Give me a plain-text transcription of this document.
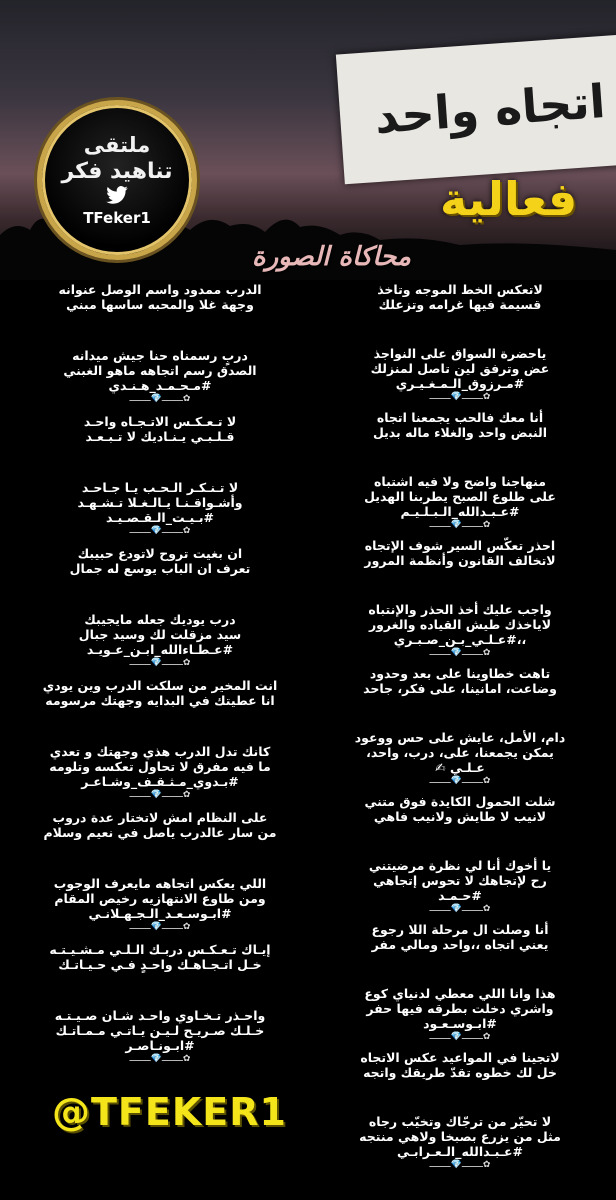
اتجاه واحد
ملتقى
تناهيد فكر
TFeker1	فعالية
محاكاة الصورة
الدرب ممدود واسم الوصل عنوانه
وجهة غلا والمحبه ساسها مبني
دربٍ رسمناه حنا جيش ميدانه
الصدق رسم اتجاهه ماهو الغبني
#مـحـمـد_هـنـدي
✿ــــــــ💎ــــــــ
لا تـعـكـس الاتـجـاه واحـد
قـلـبـي يـنـاديك لا تـبـعـد
لا تـنـكـر الـحـب يـا جـاحـد
وأشـواقـنـا يـالـغـلا تـشـهـد
#بـيـت_الـقـصـيـد
✿ــــــــ💎ــــــــ
ان بغيت تروح لاتودع حبيبك
تعرف ان الباب يوسع له جمال
درب يوديك جعله مايجيبك
سيد مزقلت لك وسيد جبال
#عـطـاءالله_ابـن_عـويـد
✿ــــــــ💎ــــــــ
انت المخير من سلكت الدرب وين يودي
انا عطيتك في البدايه وجهتك مرسومه
كانك تدل الدرب هذي وجهتك و تعدي
ما فيه مفرق لا تحاول تعكسه وتلومه
#بـدوي_مـثـقـف_وشـاعـر
✿ــــــــ💎ــــــــ
على النظام امش لاتختار عدة دروب
من سار عالدرب ياصل في نعيم وسلام
اللي يعكس اتجاهه مايعرف الوجوب
ومن طاوع الانتهازيه رخيص المقام
#ابـوسـعـد_الـجـهـلانـي
✿ــــــــ💎ــــــــ
إيـاك تـعـكـس دربـك الـلـي مـشـيـتـه
خـل اتـجـاهـك واحـدٍ فـي حـيـاتـك
واحـذر تـخـاوي واحـد شـان صـيـتـه
خـلـك صـريـح لـيـن يـاتـي مـمـاتـك
#ابـونـاصـر
✿ــــــــ💎ــــــــ
لاتعكس الخط الموجه وتاخذ
قسيمة فيها غرامه وتزعلك
ياحضرة السواق على النواجذ
عض وترفق لين تاصل لمنزلك
#مـرزوق_الـمـغـيـري
✿ــــــــ💎ــــــــ
أنا معك فالحب يجمعنا اتجاه
النبض واحد والغلاء ماله بديل
منهاجنا واضح ولا فيه اشتباه
على طلوع الصبح يطربنا الهديل
#عـبـدالله_الـبـلـيـم
✿ــــــــ💎ــــــــ
احذر تعكّس السير شوف الإتجاه
لاتخالف القانون وأنظمة المرور
واجب عليك أخذ الحذر والإنتباه
لاياخذك طيش القياده والغرور
،،#عـلـي_بـن_صـبـري
✿ــــــــ💎ــــــــ
تاهت خطاوينا على بعد وحدود
وضاعت، امانينا، على فكر، جاحد
دام، الأمل، عايش على حس ووعود
يمكن يجمعنا، على، درب، واحد،
عـلـي ✍
✿ــــــــ💎ــــــــ
شلت الحمول الكايدة فوق متني
لانيب لا طايش ولانيب فاهي
يا أخوك أنا لي نظرة مرضيتني
رح لإتجاهك لا تحوس إتجاهي
#حـمـد
✿ــــــــ💎ــــــــ
أنا وصلت ال مرحلة اللا رجوع
يعني اتجاه ،،واحد ومالي مفر
هذا وانا اللي معطي لدنياي كوع
واشري دخلت بطرقه فيها حفر
#ابـوسـعـود
✿ــــــــ💎ــــــــ
لاتجينا في المواعيد عكس الاتجاه
خل لك خطوه تقدّ طريقك واتجه
لا تحيّر من ترجّاك وتخيّب رجاه
مثل من يزرع بصبخا ولاهي منتجه
#عـبـدالله_الـعـرابـي
✿ــــــــ💎ــــــــ
@TFEKER1
